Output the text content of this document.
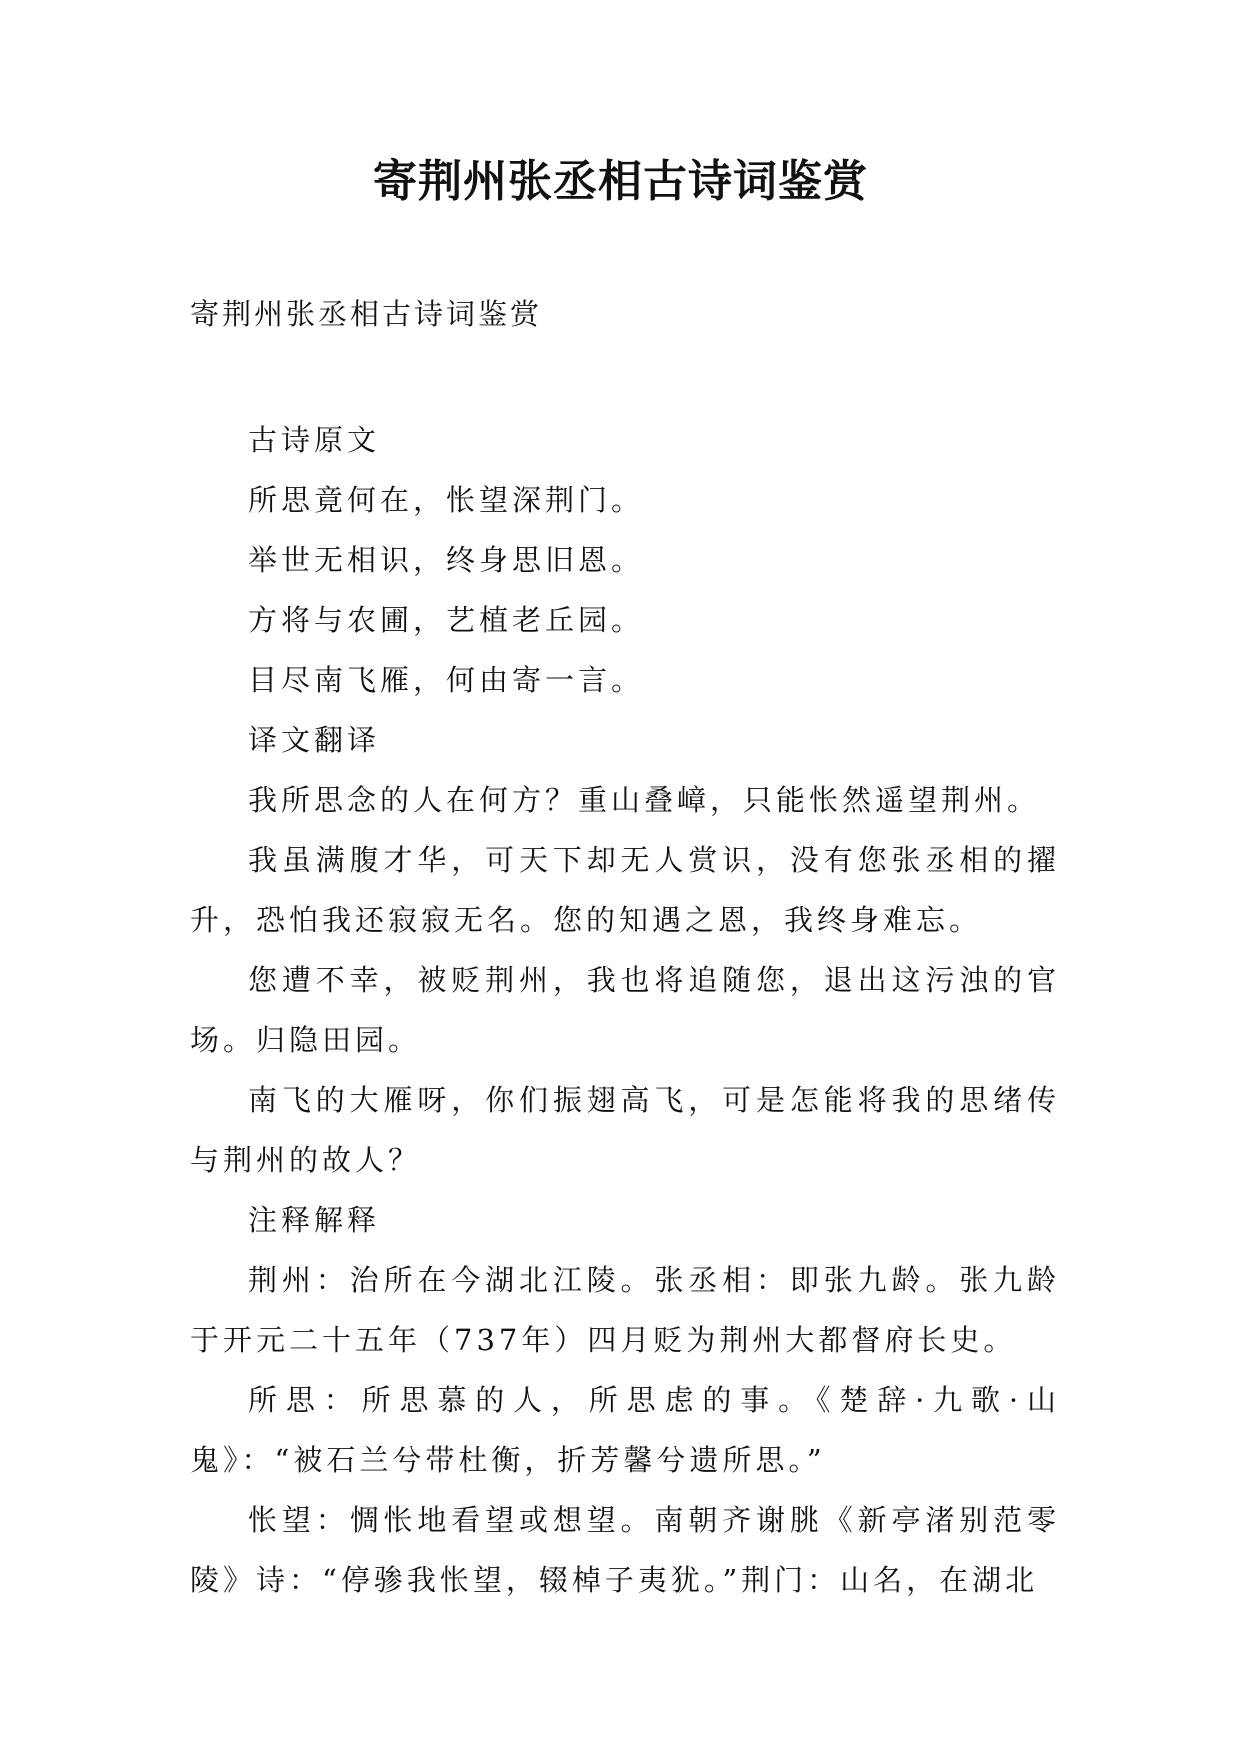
寄荆州张丞相古诗词鉴赏

寄荆州张丞相古诗词鉴赏

古诗原文

所思竟何在，怅望深荆门。

举世无相识，终身思旧恩。

方将与农圃，艺植老丘园。

目尽南飞雁，何由寄一言。

译文翻译

我所思念的人在何方？重山叠嶂，只能怅然遥望荆州。

我虽满腹才华，可天下却无人赏识，没有您张丞相的擢升，恐怕我还寂寂无名。您的知遇之恩，我终身难忘。

您遭不幸，被贬荆州，我也将追随您，退出这污浊的官场。归隐田园。

南飞的大雁呀，你们振翅高飞，可是怎能将我的思绪传与荆州的故人？

注释解释

荆州：治所在今湖北江陵。张丞相：即张九龄。张九龄于开元二十五年（737年）四月贬为荆州大都督府长史。

所思：所思慕的人，所思虑的事。《楚辞·九歌·山鬼》：“被石兰兮带杜衡，折芳馨兮遗所思。”

怅望：惆怅地看望或想望。南朝齐谢朓《新亭渚别范零陵》诗：“停骖我怅望，辍棹子夷犹。”荆门：山名，在湖北
